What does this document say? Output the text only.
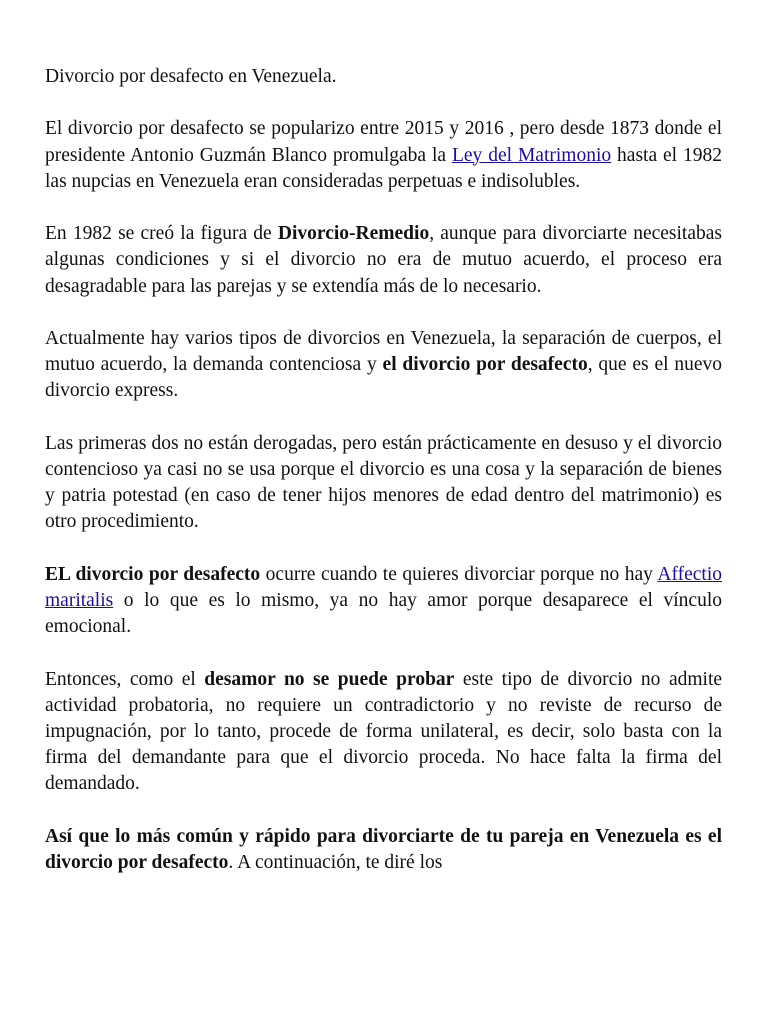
Divorcio por desafecto en Venezuela.

El divorcio por desafecto se popularizo entre 2015 y 2016 , pero desde 1873 donde el presidente Antonio Guzmán Blanco promulgaba la Ley del Matrimonio hasta el 1982 las nupcias en Venezuela eran consideradas perpetuas e indisolubles.

En 1982 se creó la figura de Divorcio-Remedio, aunque para divorciarte necesitabas algunas condiciones y si el divorcio no era de mutuo acuerdo, el proceso era desagradable para las parejas y se extendía más de lo necesario.

Actualmente hay varios tipos de divorcios en Venezuela, la separación de cuerpos, el mutuo acuerdo, la demanda contenciosa y el divorcio por desafecto, que es el nuevo divorcio express.

Las primeras dos no están derogadas, pero están prácticamente en desuso y el divorcio contencioso ya casi no se usa porque el divorcio es una cosa y la separación de bienes y patria potestad (en caso de tener hijos menores de edad dentro del matrimonio) es otro procedimiento.

EL divorcio por desafecto ocurre cuando te quieres divorciar porque no hay Affectio maritalis o lo que es lo mismo, ya no hay amor porque desaparece el vínculo emocional.

Entonces, como el desamor no se puede probar este tipo de divorcio no admite actividad probatoria, no requiere un contradictorio y no reviste de recurso de impugnación, por lo tanto, procede de forma unilateral, es decir, solo basta con la firma del demandante para que el divorcio proceda. No hace falta la firma del demandado.

Así que lo más común y rápido para divorciarte de tu pareja en Venezuela es el divorcio por desafecto. A continuación, te diré los
